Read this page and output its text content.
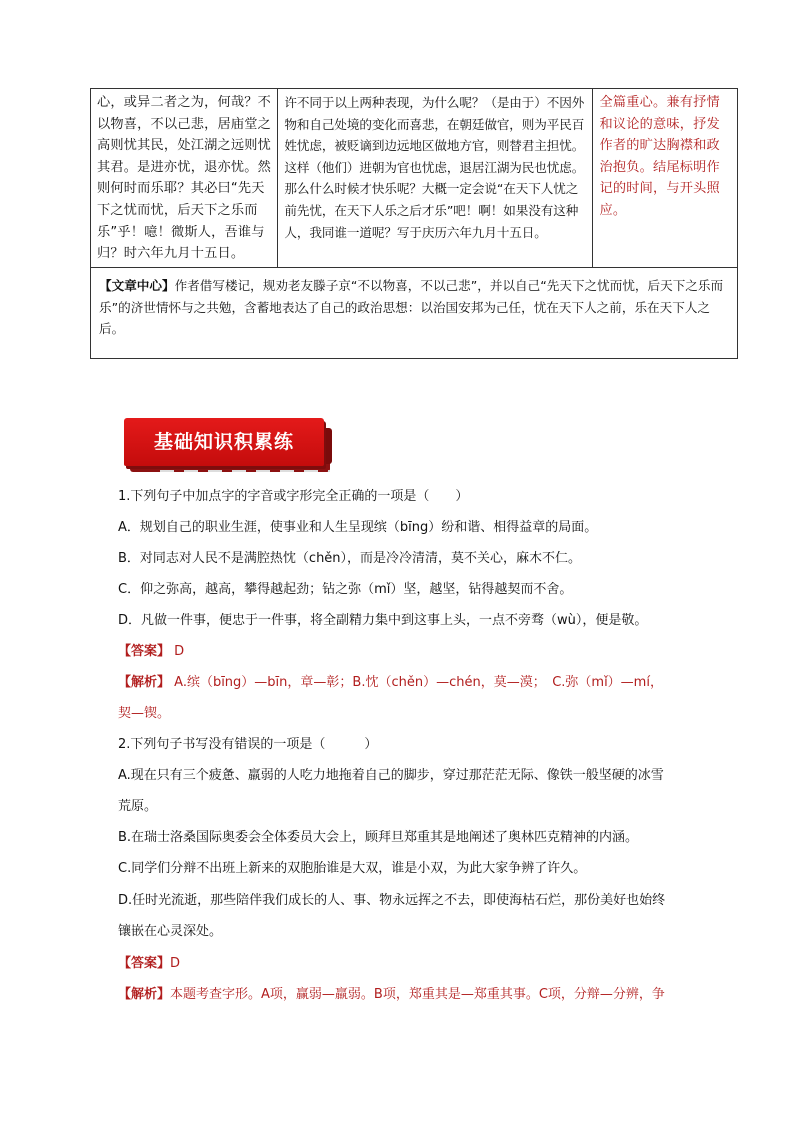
心，或异二者之为，何哉？不以物喜，不以己悲，居庙堂之高则忧其民，处江湖之远则忧其君。是进亦忧，退亦忧。然则何时而乐耶？其必曰“先天下之忧而忧，后天下之乐而乐”乎！噫！微斯人，吾谁与归？时六年九月十五日。
许不同于以上两种表现，为什么呢？（是由于）不因外物和自己处境的变化而喜悲，在朝廷做官，则为平民百姓忧虑，被贬谪到边远地区做地方官，则替君主担忧。这样（他们）进朝为官也忧虑，退居江湖为民也忧虑。那么什么时候才快乐呢？大概一定会说“在天下人忧之前先忧，在天下人乐之后才乐”吧！啊！如果没有这种人，我同谁一道呢？写于庆历六年九月十五日。
全篇重心。兼有抒情和议论的意味，抒发作者的旷达胸襟和政治抱负。结尾标明作记的时间，与开头照应。
【文章中心】作者借写楼记，规劝老友滕子京“不以物喜，不以己悲”，并以自己“先天下之忧而忧，后天下之乐而乐”的济世情怀与之共勉，含蓄地表达了自己的政治思想：以治国安邦为己任，忧在天下人之前，乐在天下人之后。
基础知识积累练
1.下列句子中加点字的字音或字形完全正确的一项是（　　）
A．规划自己的职业生涯，使事业和人生呈现缤（bīng）纷和谐、相得益章的局面。
B．对同志对人民不是满腔热忱（chěn），而是冷冷清清，莫不关心，麻木不仁。
C．仰之弥高，越高，攀得越起劲；钻之弥（mǐ）坚，越坚，钻得越契而不舍。
D．凡做一件事，便忠于一件事，将全副精力集中到这事上头，一点不旁骛（wù），便是敬。
【答案】 D
【解析】 A.缤（bīng）—bīn，章—彰；B.忱（chěn）—chén，莫—漠；　C.弥（mǐ）—mí，
契—锲。
2.下列句子书写没有错误的一项是（　　　）
A.现在只有三个疲惫、羸弱的人吃力地拖着自己的脚步，穿过那茫茫无际、像铁一般坚硬的冰雪
荒原。
B.在瑞士洛桑国际奥委会全体委员大会上，顾拜旦郑重其是地阐述了奥林匹克精神的内涵。
C.同学们分辩不出班上新来的双胞胎谁是大双，谁是小双，为此大家争辨了许久。
D.任时光流逝，那些陪伴我们成长的人、事、物永远挥之不去，即使海枯石烂，那份美好也始终
镶嵌在心灵深处。
【答案】D
【解析】本题考查字形。A项，赢弱—羸弱。B项，郑重其是—郑重其事。C项，分辩—分辨，争
